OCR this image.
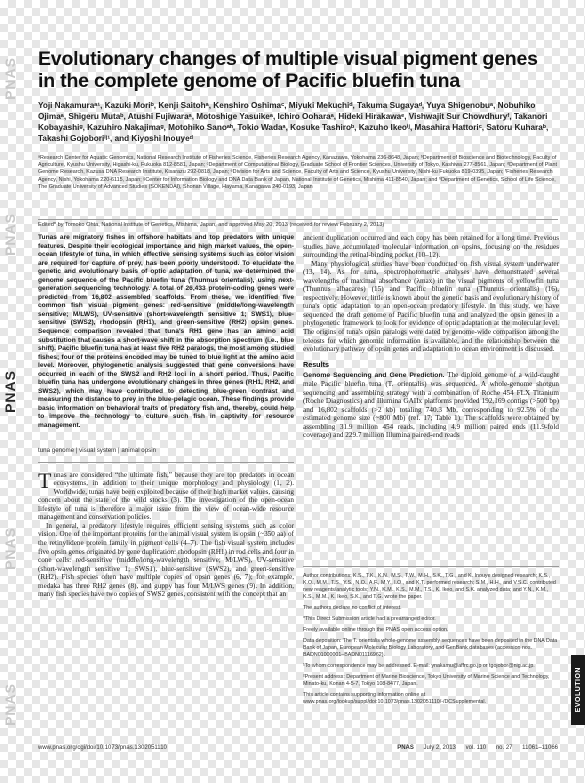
PNAS
PNAS
PNAS
PNAS
PNAS	EVOLUTION
Evolutionary changes of multiple visual pigment genes in the complete genome of Pacific bluefin tuna
Yoji Nakamuraᵃ¹, Kazuki Moriᵇ, Kenji Saitohᵃ, Kenshiro Oshimaᶜ, Miyuki Mekuchiᵈ, Takuma Sugayaᵈ, Yuya Shigenobuᵃ, Nobuhiko Ojimaᵃ, Shigeru Mutaᵇ, Atushi Fujiwaraᵃ, Motoshige Yasuikeᵃ, Ichiro Ooharaᵃ, Hideki Hirakawaᵉ, Vishwajit Sur Chowdhuryᶠ, Takanori Kobayashiᵍ, Kazuhiro Nakajimaᵍ, Motohiko Sanoᵃʰ, Tokio Wadaᵃ, Kosuke Tashiroᵇ, Kazuho Ikeoⁱʲ, Masahira Hattoriᶜ, Satoru Kuharaᵇ, Takashi Gojoboriⁱʲ¹, and Kiyoshi Inouyeᵈ
ᵃResearch Center for Aquatic Genomics, National Research Institute of Fisheries Science, Fisheries Research Agency, Kanazawa, Yokohama 236-8648, Japan; ᵇDepartment of Bioscience and Biotechnology, Faculty of Agriculture, Kyushu University, Higashi-ku, Fukuoka 812-8581, Japan; ᶜDepartment of Computational Biology, Graduate School of Frontier Sciences, University of Tokyo, Kashiwa 277-8561, Japan; ᵈDepartment of Plant Genome Research, Kazusa DNA Research Institute, Kisarazu 292-0818, Japan; ᵉDivision for Arts and Science, Faculty of Arts and Science, Kyushu University, Nishi-ku Fukuoka 819-0395, Japan; ᶠFisheries Research Agency, Nishi, Yokohama 220-6115, Japan; ᵍCenter for Information Biology and DNA Data Bank of Japan, National Institute of Genetics, Mishima 411-8540, Japan; and ʰDepartment of Genetics, School of Life Science, The Graduate University of Advanced Studies (SOKENDAI), Shonan Village, Hayama, Kanagawa 240-0193, Japan
Edited* by Tomoko Ohta, National Institute of Genetics, Mishima, Japan, and approved May 20, 2013 (received for review February 2, 2013)

Tunas are migratory fishes in offshore habitats and top predators with unique features. Despite their ecological importance and high market values, the open-ocean lifestyle of tuna, in which effective sensing systems such as color vision are required for capture of prey, has been poorly understood. To elucidate the genetic and evolutionary basis of optic adaptation of tuna, we determined the genome sequence of the Pacific bluefin tuna (Thunnus orientalis), using next-generation sequencing technology. A total of 26,433 protein-coding genes were predicted from 16,802 assembled scaffolds. From these, we identified five common fish visual pigment genes: red-sensitive (middle/long-wavelength sensitive; M/LWS), UV-sensitive (short-wavelength sensitive 1; SWS1), blue-sensitive (SWS2), rhodopsin (RH1), and green-sensitive (RH2) opsin genes. Sequence comparison revealed that tuna's RH1 gene has an amino acid substitution that causes a short-wave shift in the absorption spectrum (i.e., blue shift). Pacific bluefin tuna has at least five RH2 paralogs, the most among studied fishes; four of the proteins encoded may be tuned to blue light at the amino acid level. Moreover, phylogenetic analysis suggested that gene conversions have occurred in each of the SWS2 and RH2 loci in a short period. Thus, Pacific bluefin tuna has undergone evolutionary changes in three genes (RH1, RH2, and SWS2), which may have contributed to detecting blue-green contrast and measuring the distance to prey in the blue-pelagic ocean. These findings provide basic information on behavioral traits of predatory fish and, thereby, could help to improve the technology to culture such fish in captivity for resource management.

tuna genome | visual system | animal opsin

Tunas are considered “the ultimate fish,” because they are top predators in ocean ecosystems, in addition to their unique morphology and physiology (1, 2). Worldwide, tunas have been exploited because of their high market values, causing concern about the state of the wild stocks (3). The investigation of the open-ocean lifestyle of tuna is therefore a major issue from the view of ocean-wide resource management and conservation policies.

In general, a predatory lifestyle requires efficient sensing systems such as color vision. One of the important proteins for the animal visual system is opsin (~350 aa) of the retinylidene protein family in pigment cells (4–7). The fish visual system includes five opsin genes originated by gene duplication: rhodopsin (RH1) in rod cells and four in cone cells: red-sensitive (middle/long-wavelength sensitive; M/LWS), UV-sensitive (short-wavelength sensitive 1; SWS1), blue-sensitive (SWS2), and green-sensitive (RH2). Fish species often have multiple copies of opsin genes (6, 7); for example, medaka has three RH2 genes (8), and guppy has four M/LWS genes (9). In addition, many fish species have two copies of SWS2 genes, consistent with the concept that an

ancient duplication occurred and each copy has been retained for a long time. Previous studies have accumulated molecular information on opsins, focusing on the residues surrounding the retinal-binding pocket (10–12).

Many physiological studies have been conducted on fish visual system underwater (13, 14). As for tuna, spectrophotometric analyses have demonstrated several wavelengths of maximal absorbance (λmax) in the visual pigments of yellowfin tuna (Thunnus albacares) (15) and Pacific bluefin tuna (Thunnus orientalis) (16), respectively. However, little is known about the genetic basis and evolutionary history of tuna's optic adaptation to an open-ocean predatory lifestyle. In this study, we have sequenced the draft genome of Pacific bluefin tuna and analyzed the opsin genes in a phylogenetic framework to look for evidence of optic adaptation at the molecular level. The origins of tuna's opsin paralogs were dated by genome-wide comparison among the teleosts for which genomic information is available, and the relationship between the evolutionary pathway of opsin genes and adaptation to ocean environment is discussed.

Results

Genome Sequencing and Gene Prediction. The diploid genome of a wild-caught male Pacific bluefin tuna (T. orientalis) was sequenced. A whole-genome shotgun sequencing and assembling strategy with a combination of Roche 454 FLX Titanium (Roche Diagnostics) and Illumina GAIIx platforms provided 192,169 contigs (>500 bp) and 16,802 scaffolds (>2 kb) totaling 740.3 Mb, corresponding to 92.5% of the estimated genome size (~800 Mb) (ref. 17; Table 1). The scaffolds were obtained by assembling 31.9 million 454 reads, including 4.9 million paired ends (11.9-fold coverage) and 229.7 million Illumina paired-end reads

Author contributions: K.S., T.K., K.N., M.S., T.W., M.H., S.K., T.G., and K. Inouye designed research; K.S., K.O., M.M., T.S., Y.S., N.O., A.F., M.Y., I.O., and K.T. performed research; S.M., H.H., and V.S.C. contributed new reagents/analytic tools; Y.N., K.M., K.S., M.M., T.S., K. Ikeo, and S.K. analyzed data; and Y.N., K.M., K.S., M.M., K. Ikeo, S.K., and T.G. wrote the paper.

The authors declare no conflict of interest.

*This Direct Submission article had a prearranged editor.

Freely available online through the PNAS open access option.

Data deposition: The T. orientalis whole-genome assembly sequences have been deposited in the DNA Data Bank of Japan, European Molecular Biology Laboratory, and GenBank databases (accession nos. BADN01000001–BADN01116962).

¹To whom correspondence may be addressed. E-mail: ynakamu@affrc.go.jp or tgojobor@nig.ac.jp.

²Present address: Department of Marine Bioscience, Tokyo University of Marine Science and Technology, Minato-ku, Konan 4-5-7, Tokyo 108-8477, Japan.

This article contains supporting information online at www.pnas.org/lookup/suppl/doi:10.1073/pnas.1302051110/-/DCSupplemental.

www.pnas.org/cgi/doi/10.1073/pnas.1302051110	PNAS July 2, 2013 vol. 110 no. 27 11061–11066
